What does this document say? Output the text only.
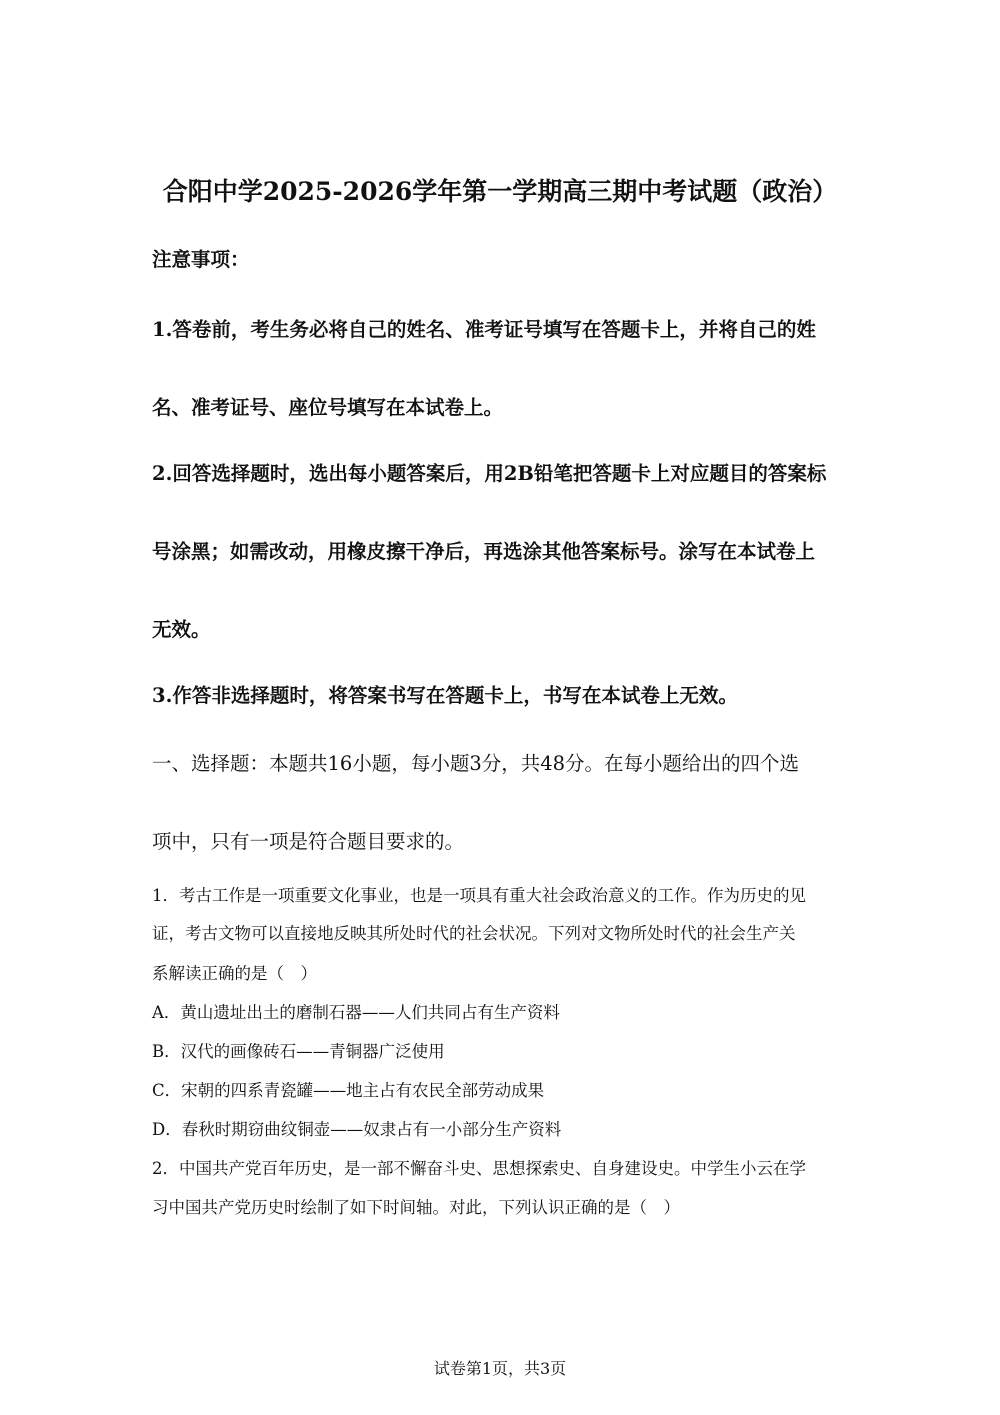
合阳中学2025-2026学年第一学期高三期中考试题（政治）
注意事项：
1.答卷前，考生务必将自己的姓名、准考证号填写在答题卡上，并将自己的姓
名、准考证号、座位号填写在本试卷上。
2.回答选择题时，选出每小题答案后，用2B铅笔把答题卡上对应题目的答案标
号涂黑；如需改动，用橡皮擦干净后，再选涂其他答案标号。涂写在本试卷上
无效。
3.作答非选择题时，将答案书写在答题卡上，书写在本试卷上无效。
一、选择题：本题共16小题，每小题3分，共48分。在每小题给出的四个选
项中，只有一项是符合题目要求的。
1．考古工作是一项重要文化事业，也是一项具有重大社会政治意义的工作。作为历史的见
证，考古文物可以直接地反映其所处时代的社会状况。下列对文物所处时代的社会生产关
系解读正确的是（　）
A．黄山遗址出土的磨制石器——人们共同占有生产资料
B．汉代的画像砖石——青铜器广泛使用
C．宋朝的四系青瓷罐——地主占有农民全部劳动成果
D．春秋时期窃曲纹铜壶——奴隶占有一小部分生产资料
2．中国共产党百年历史，是一部不懈奋斗史、思想探索史、自身建设史。中学生小云在学
习中国共产党历史时绘制了如下时间轴。对此，下列认识正确的是（　）
试卷第1页，共3页
